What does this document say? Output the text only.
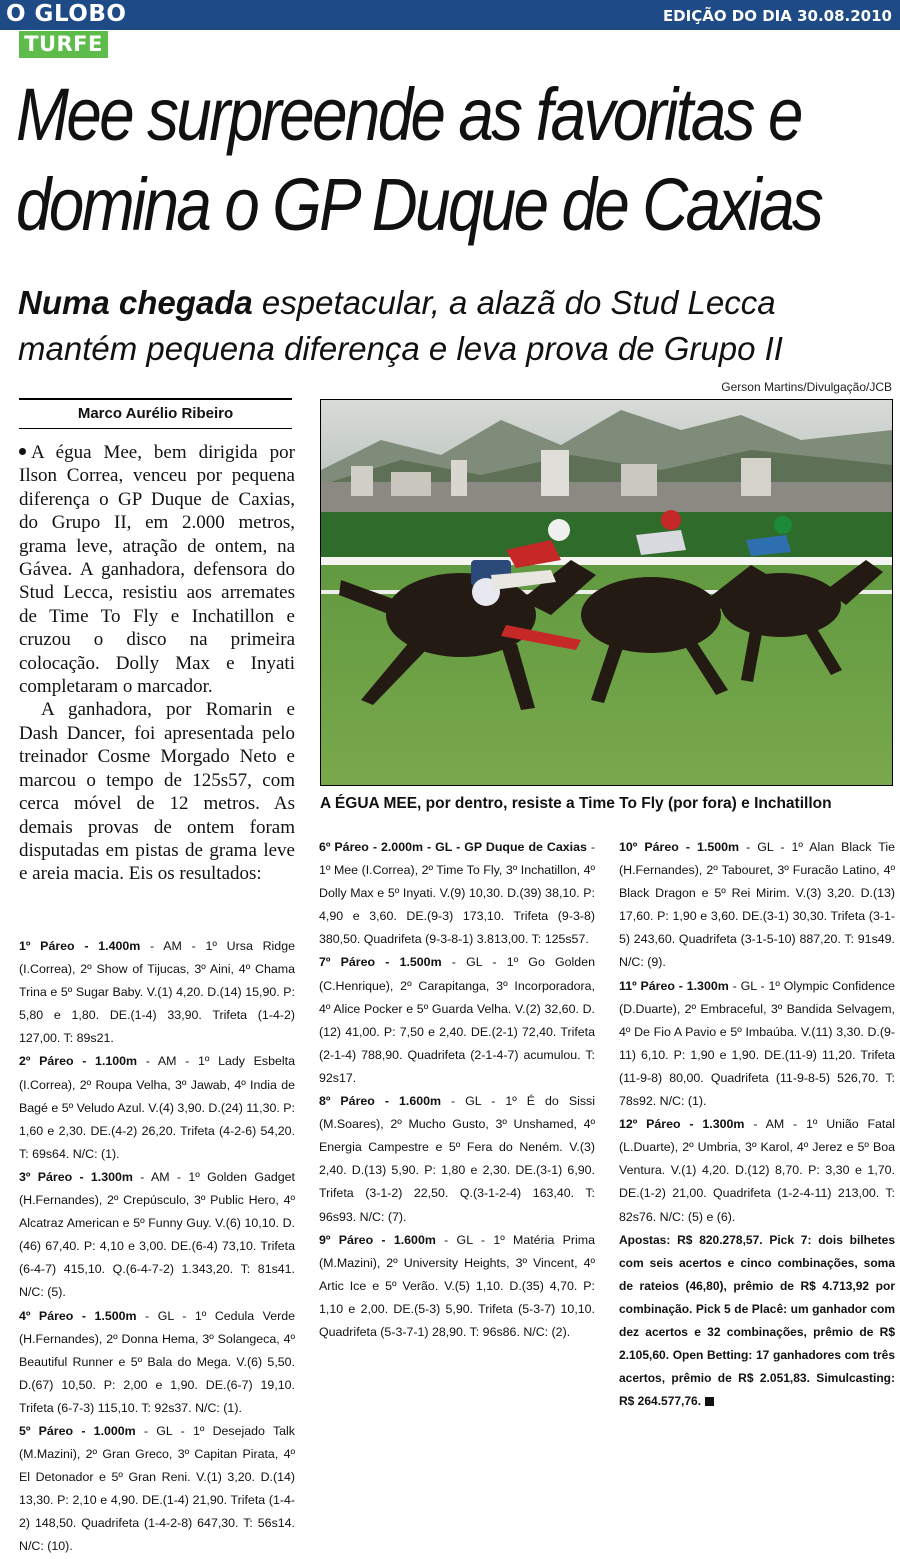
O GLOBO	EDIÇÃO DO DIA 30.08.2010
TURFE
Mee surpreende as favoritas e
domina o GP Duque de Caxias
Numa chegada espetacular, a alazã do Stud Lecca
mantém pequena diferença e leva prova de Grupo II
Gerson Martins/Divulgação/JCB
Marco Aurélio Ribeiro
A ÉGUA MEE, por dentro, resiste a Time To Fly (por fora) e Inchatillon

A égua Mee, bem dirigida por Ilson Correa, venceu por pequena diferença o GP Duque de Caxias, do Grupo II, em 2.000 metros, grama leve, atração de ontem, na Gávea. A ganhadora, defensora do Stud Lecca, resistiu aos arremates de Time To Fly e Inchatillon e cruzou o disco na primeira colocação. Dolly Max e Inyati completaram o marcador.

A ganhadora, por Romarin e Dash Dancer, foi apresentada pelo treinador Cosme Morgado Neto e marcou o tempo de 125s57, com cerca móvel de 12 metros. As demais provas de ontem foram disputadas em pistas de grama leve e areia macia. Eis os resultados:

1º Páreo - 1.400m - AM - 1º Ursa Ridge (I.Correa), 2º Show of Tijucas, 3º Aini, 4º Chama Trina e 5º Sugar Baby. V.(1) 4,20. D.(14) 15,90. P: 5,80 e 1,80. DE.(1-4) 33,90. Trifeta (1-4-2) 127,00. T: 89s21.

2º Páreo - 1.100m - AM - 1º Lady Esbelta (I.Correa), 2º Roupa Velha, 3º Jawab, 4º India de Bagé e 5º Veludo Azul. V.(4) 3,90. D.(24) 11,30. P: 1,60 e 2,30. DE.(4-2) 26,20. Trifeta (4-2-6) 54,20. T: 69s64. N/C: (1).

3º Páreo - 1.300m - AM - 1º Golden Gadget (H.Fernandes), 2º Crepúsculo, 3º Public Hero, 4º Alcatraz American e 5º Funny Guy. V.(6) 10,10. D.(46) 67,40. P: 4,10 e 3,00. DE.(6-4) 73,10. Trifeta (6-4-7) 415,10. Q.(6-4-7-2) 1.343,20. T: 81s41. N/C: (5).

4º Páreo - 1.500m - GL - 1º Cedula Verde (H.Fernandes), 2º Donna Hema, 3º Solangeca, 4º Beautiful Runner e 5º Bala do Mega. V.(6) 5,50. D.(67) 10,50. P: 2,00 e 1,90. DE.(6-7) 19,10. Trifeta (6-7-3) 115,10. T: 92s37. N/C: (1).

5º Páreo - 1.000m - GL - 1º Desejado Talk (M.Mazini), 2º Gran Greco, 3º Capitan Pirata, 4º El Detonador e 5º Gran Reni. V.(1) 3,20. D.(14) 13,30. P: 2,10 e 4,90. DE.(1-4) 21,90. Trifeta (1-4-2) 148,50. Quadrifeta (1-4-2-8) 647,30. T: 56s14. N/C: (10).

6º Páreo - 2.000m - GL - GP Duque de Caxias - 1º Mee (I.Correa), 2º Time To Fly, 3º Inchatillon, 4º Dolly Max e 5º Inyati. V.(9) 10,30. D.(39) 38,10. P: 4,90 e 3,60. DE.(9-3) 173,10. Trifeta (9-3-8) 380,50. Quadrifeta (9-3-8-1) 3.813,00. T: 125s57.

7º Páreo - 1.500m - GL - 1º Go Golden (C.Henrique), 2º Carapitanga, 3º Incorporadora, 4º Alice Pocker e 5º Guarda Velha. V.(2) 32,60. D.(12) 41,00. P: 7,50 e 2,40. DE.(2-1) 72,40. Trifeta (2-1-4) 788,90. Quadrifeta (2-1-4-7) acumulou. T: 92s17.

8º Páreo - 1.600m - GL - 1º É do Sissi (M.Soares), 2º Mucho Gusto, 3º Unshamed, 4º Energia Campestre e 5º Fera do Neném. V.(3) 2,40. D.(13) 5,90. P: 1,80 e 2,30. DE.(3-1) 6,90. Trifeta (3-1-2) 22,50. Q.(3-1-2-4) 163,40. T: 96s93. N/C: (7).

9º Páreo - 1.600m - GL - 1º Matéria Prima (M.Mazini), 2º University Heights, 3º Vincent, 4º Artic Ice e 5º Verão. V.(5) 1,10. D.(35) 4,70. P: 1,10 e 2,00. DE.(5-3) 5,90. Trifeta (5-3-7) 10,10. Quadrifeta (5-3-7-1) 28,90. T: 96s86. N/C: (2).

10º Páreo - 1.500m - GL - 1º Alan Black Tie (H.Fernandes), 2º Tabouret, 3º Furacão Latino, 4º Black Dragon e 5º Rei Mirim. V.(3) 3,20. D.(13) 17,60. P: 1,90 e 3,60. DE.(3-1) 30,30. Trifeta (3-1-5) 243,60. Quadrifeta (3-1-5-10) 887,20. T: 91s49. N/C: (9).

11º Páreo - 1.300m - GL - 1º Olympic Confidence (D.Duarte), 2º Embraceful, 3º Bandida Selvagem, 4º De Fio A Pavio e 5º Imbaúba. V.(11) 3,30. D.(9-11) 6,10. P: 1,90 e 1,90. DE.(11-9) 11,20. Trifeta (11-9-8) 80,00. Quadrifeta (11-9-8-5) 526,70. T: 78s92. N/C: (1).

12º Páreo - 1.300m - AM - 1º União Fatal (L.Duarte), 2º Umbria, 3º Karol, 4º Jerez e 5º Boa Ventura. V.(1) 4,20. D.(12) 8,70. P: 3,30 e 1,70. DE.(1-2) 21,00. Quadrifeta (1-2-4-11) 213,00. T: 82s76. N/C: (5) e (6).

Apostas: R$ 820.278,57. Pick 7: dois bilhetes com seis acertos e cinco combinações, soma de rateios (46,80), prêmio de R$ 4.713,92 por combinação. Pick 5 de Placê: um ganhador com dez acertos e 32 combinações, prêmio de R$ 2.105,60. Open Betting: 17 ganhadores com três acertos, prêmio de R$ 2.051,83. Simulcasting: R$ 264.577,76.
